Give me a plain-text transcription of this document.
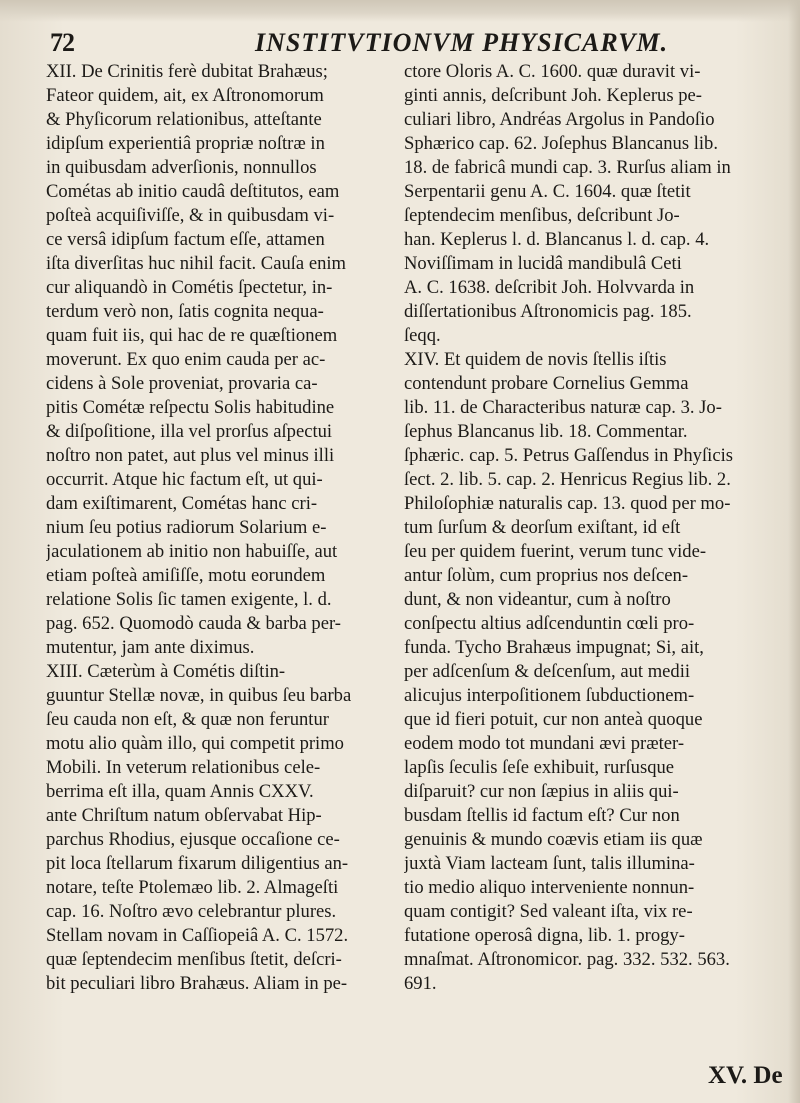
72	INSTITVTIONVM PHYSICARVM.
XII. De Crinitis ferè dubitat Brahæus;
Fateor quidem, ait, ex Aſtronomorum
& Phyſicorum relationibus, atteſtante
idipſum experientiâ propriæ noſtræ in
in quibusdam adverſionis, nonnullos
Cométas ab initio caudâ deſtitutos, eam
poſteà acquiſiviſſe, & in quibusdam vi-
ce versâ idipſum factum eſſe, attamen
iſta diverſitas huc nihil facit. Cauſa enim
cur aliquandò in Cométis ſpectetur, in-
terdum verò non, ſatis cognita nequa-
quam fuit iis, qui hac de re quæſtionem
moverunt. Ex quo enim cauda per ac-
cidens à Sole proveniat, provaria ca-
pitis Cométæ reſpectu Solis habitudine
& diſpoſitione, illa vel prorſus aſpectui
noſtro non patet, aut plus vel minus illi
occurrit. Atque hic factum eſt, ut qui-
dam exiſtimarent, Cométas hanc cri-
nium ſeu potius radiorum Solarium e-
jaculationem ab initio non habuiſſe, aut
etiam poſteà amiſiſſe, motu eorundem
relatione Solis ſic tamen exigente, l. d.
pag. 652. Quomodò cauda & barba per-
mutentur, jam ante diximus.
XIII. Cæterùm à Cométis diſtin-
guuntur Stellæ novæ, in quibus ſeu barba
ſeu cauda non eſt, & quæ non feruntur
motu alio quàm illo, qui competit primo
Mobili. In veterum relationibus cele-
berrima eſt illa, quam Annis CXXV.
ante Chriſtum natum obſervabat Hip-
parchus Rhodius, ejusque occaſione ce-
pit loca ſtellarum fixarum diligentius an-
notare, teſte Ptolemæo lib. 2. Almageſti
cap. 16. Noſtro ævo celebrantur plures.
Stellam novam in Caſſiopeiâ A. C. 1572.
quæ ſeptendecim menſibus ſtetit, deſcri-
bit peculiari libro Brahæus. Aliam in pe-
ctore Oloris A. C. 1600. quæ duravit vi-
ginti annis, deſcribunt Joh. Keplerus pe-
culiari libro, Andréas Argolus in Pandoſio
Sphærico cap. 62. Joſephus Blancanus lib.
18. de fabricâ mundi cap. 3. Rurſus aliam in
Serpentarii genu A. C. 1604. quæ ſtetit
ſeptendecim menſibus, deſcribunt Jo-
han. Keplerus l. d. Blancanus l. d. cap. 4.
Noviſſimam in lucidâ mandibulâ Ceti
A. C. 1638. deſcribit Joh. Holvvarda in
diſſertationibus Aſtronomicis pag. 185.
ſeqq.
XIV. Et quidem de novis ſtellis iſtis
contendunt probare Cornelius Gemma
lib. 11. de Characteribus naturæ cap. 3. Jo-
ſephus Blancanus lib. 18. Commentar.
ſphæric. cap. 5. Petrus Gaſſendus in Phyſicis
ſect. 2. lib. 5. cap. 2. Henricus Regius lib. 2.
Philoſophiæ naturalis cap. 13. quod per mo-
tum ſurſum & deorſum exiſtant, id eſt
ſeu per quidem fuerint, verum tunc vide-
antur ſolùm, cum proprius nos deſcen-
dunt, & non videantur, cum à noſtro
conſpectu altius adſcenduntin cœli pro-
funda. Tycho Brahæus impugnat; Si, ait,
per adſcenſum & deſcenſum, aut medii
alicujus interpoſitionem ſubductionem-
que id fieri potuit, cur non anteà quoque
eodem modo tot mundani ævi præter-
lapſis ſeculis ſeſe exhibuit, rurſusque
diſparuit? cur non ſæpius in aliis qui-
busdam ſtellis id factum eſt? Cur non
genuinis & mundo coævis etiam iis quæ
juxtà Viam lacteam ſunt, talis illumina-
tio medio aliquo interveniente nonnun-
quam contigit? Sed valeant iſta, vix re-
futatione operosâ digna, lib. 1. progy-
mnaſmat. Aſtronomicor. pag. 332. 532. 563.
691.
XV. De
